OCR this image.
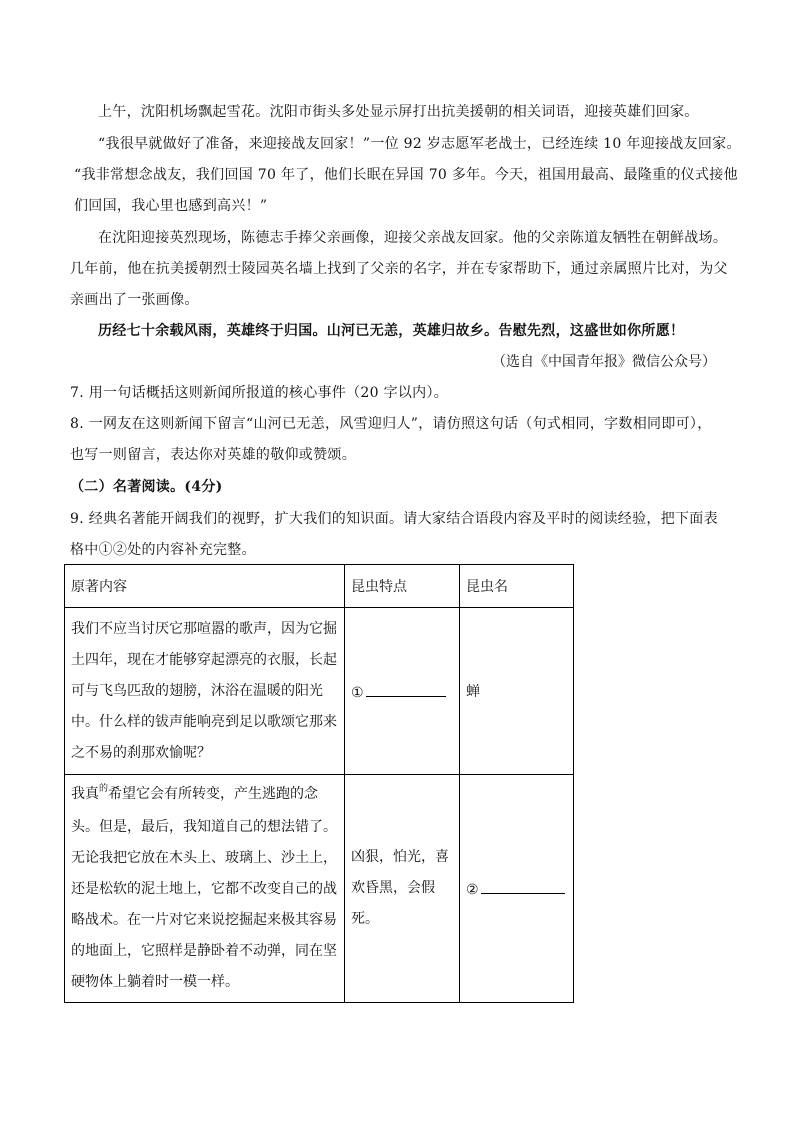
上午，沈阳机场飘起雪花。沈阳市街头多处显示屏打出抗美援朝的相关词语，迎接英雄们回家。
“我很早就做好了准备，来迎接战友回家！”一位 92 岁志愿军老战士，已经连续 10 年迎接战友回家。
“我非常想念战友，我们回国 70 年了，他们长眠在异国 70 多年。今天，祖国用最高、最隆重的仪式接他
们回国，我心里也感到高兴！”
在沈阳迎接英烈现场，陈德志手捧父亲画像，迎接父亲战友回家。他的父亲陈道友牺牲在朝鲜战场。
几年前，他在抗美援朝烈士陵园英名墙上找到了父亲的名字，并在专家帮助下，通过亲属照片比对，为父
亲画出了一张画像。
历经七十余载风雨，英雄终于归国。山河已无恙，英雄归故乡。告慰先烈，这盛世如你所愿！
（选自《中国青年报》微信公众号）
7. 用一句话概括这则新闻所报道的核心事件（20 字以内）。
8. 一网友在这则新闻下留言“山河已无恙，风雪迎归人”，请仿照这句话（句式相同，字数相同即可），
也写一则留言，表达你对英雄的敬仰或赞颂。
（二）名著阅读。(4分)
9. 经典名著能开阔我们的视野，扩大我们的知识面。请大家结合语段内容及平时的阅读经验，把下面表
格中①②处的内容补充完整。
原著内容	昆虫特点	昆虫名

我们不应当讨厌它那喧嚣的歌声，因为它掘土四年，现在才能够穿起漂亮的衣服，长起可与飞鸟匹敌的翅膀，沐浴在温暖的阳光中。什么样的钹声能响亮到足以歌颂它那来之不易的刹那欢愉呢？	①	蝉

我真$^的$希望它会有所转变，产生逃跑的念头。但是，最后，我知道自己的想法错了。无论我把它放在木头上、玻璃上、沙土上，还是松软的泥土地上，它都不改变自己的战略战术。在一片对它来说挖掘起来极其容易的地面上，它照样是静卧着不动弹，同在坚硬物体上躺着时一模一样。	凶狠，怕光，喜欢昏黑，会假死。	②
